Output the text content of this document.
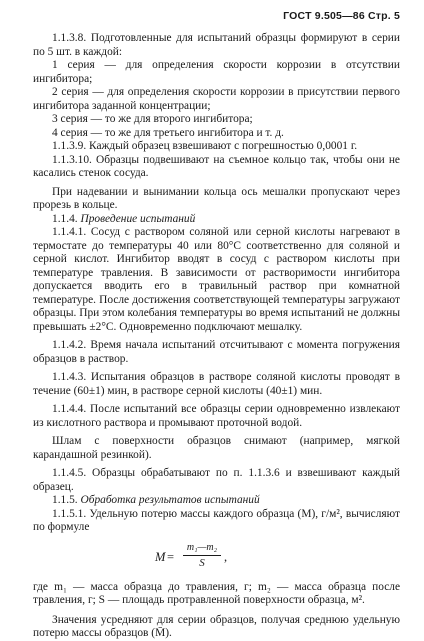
ГОСТ 9.505—86 Стр. 5

1.1.3.8. Подготовленные для испытаний образцы формируют в серии по 5 шт. в каждой:

1 серия — для определения скорости коррозии в отсутствии ингибитора;

2 серия — для определения скорости коррозии в присутствии первого ингибитора заданной концентрации;

3 серия — то же для второго ингибитора;

4 серия — то же для третьего ингибитора и т. д.

1.1.3.9. Каждый образец взвешивают с погрешностью 0,0001 г.

1.1.3.10. Образцы подвешивают на съемное кольцо так, чтобы они не касались стенок сосуда.

При надевании и вынимании кольца ось мешалки пропускают через прорезь в кольце.

1.1.4. Проведение испытаний

1.1.4.1. Сосуд с раствором соляной или серной кислоты нагревают в термостате до температуры 40 или 80°С соответственно для соляной и серной кислот. Ингибитор вводят в сосуд с раствором кислоты при температуре травления. В зависимости от растворимости ингибитора допускается вводить его в травильный раствор при комнатной температуре. После достижения соответствующей температуры загружают образцы. При этом колебания температуры во время испытаний не должны превышать ±2°С. Одновременно подключают мешалку.

1.1.4.2. Время начала испытаний отсчитывают с момента погружения образцов в раствор.

1.1.4.3. Испытания образцов в растворе соляной кислоты проводят в течение (60±1) мин, в растворе серной кислоты (40±1) мин.

1.1.4.4. После испытаний все образцы серии одновременно извлекают из кислотного раствора и промывают проточной водой.

Шлам с поверхности образцов снимают (например, мягкой карандашной резинкой).

1.1.4.5. Образцы обрабатывают по п. 1.1.3.6 и взвешивают каждый образец.

1.1.5. Обработка результатов испытаний

1.1.5.1. Удельную потерю массы каждого образца (M), г/м², вычисляют по формуле

$M = \frac{\text{m₁—m₂}}{S}$ ,

где m₁ — масса образца до травления, г; m₂ — масса образца после травления, г; S — площадь протравленной поверхности образца, м².

Значения усредняют для серии образцов, получая среднюю удельную потерю массы образцов (M̄).
